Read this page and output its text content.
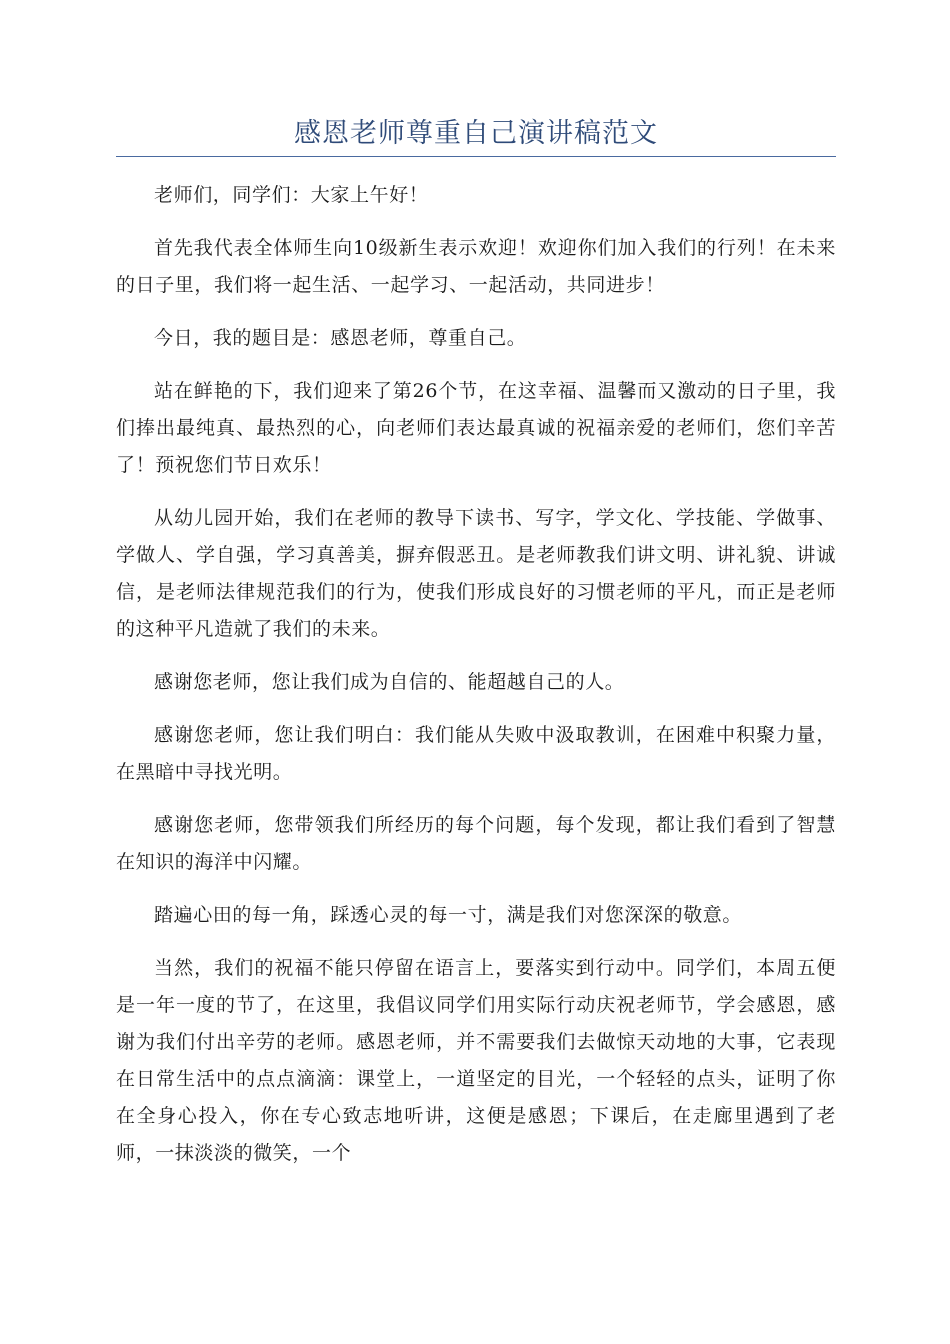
感恩老师尊重自己演讲稿范文

老师们，同学们：大家上午好！

首先我代表全体师生向10级新生表示欢迎！欢迎你们加入我们的行列！在未来的日子里，我们将一起生活、一起学习、一起活动，共同进步！

今日，我的题目是：感恩老师，尊重自己。

站在鲜艳的下，我们迎来了第26个节，在这幸福、温馨而又激动的日子里，我们捧出最纯真、最热烈的心，向老师们表达最真诚的祝福亲爱的老师们，您们辛苦了！预祝您们节日欢乐！

从幼儿园开始，我们在老师的教导下读书、写字，学文化、学技能、学做事、学做人、学自强，学习真善美，摒弃假恶丑。是老师教我们讲文明、讲礼貌、讲诚信，是老师法律规范我们的行为，使我们形成良好的习惯老师的平凡，而正是老师的这种平凡造就了我们的未来。

感谢您老师，您让我们成为自信的、能超越自己的人。

感谢您老师，您让我们明白：我们能从失败中汲取教训，在困难中积聚力量，在黑暗中寻找光明。

感谢您老师，您带领我们所经历的每个问题，每个发现，都让我们看到了智慧在知识的海洋中闪耀。

踏遍心田的每一角，踩透心灵的每一寸，满是我们对您深深的敬意。

当然，我们的祝福不能只停留在语言上，要落实到行动中。同学们，本周五便是一年一度的节了，在这里，我倡议同学们用实际行动庆祝老师节，学会感恩，感谢为我们付出辛劳的老师。感恩老师，并不需要我们去做惊天动地的大事，它表现在日常生活中的点点滴滴：课堂上，一道坚定的目光，一个轻轻的点头，证明了你在全身心投入，你在专心致志地听讲，这便是感恩；下课后，在走廊里遇到了老师，一抹淡淡的微笑，一个
